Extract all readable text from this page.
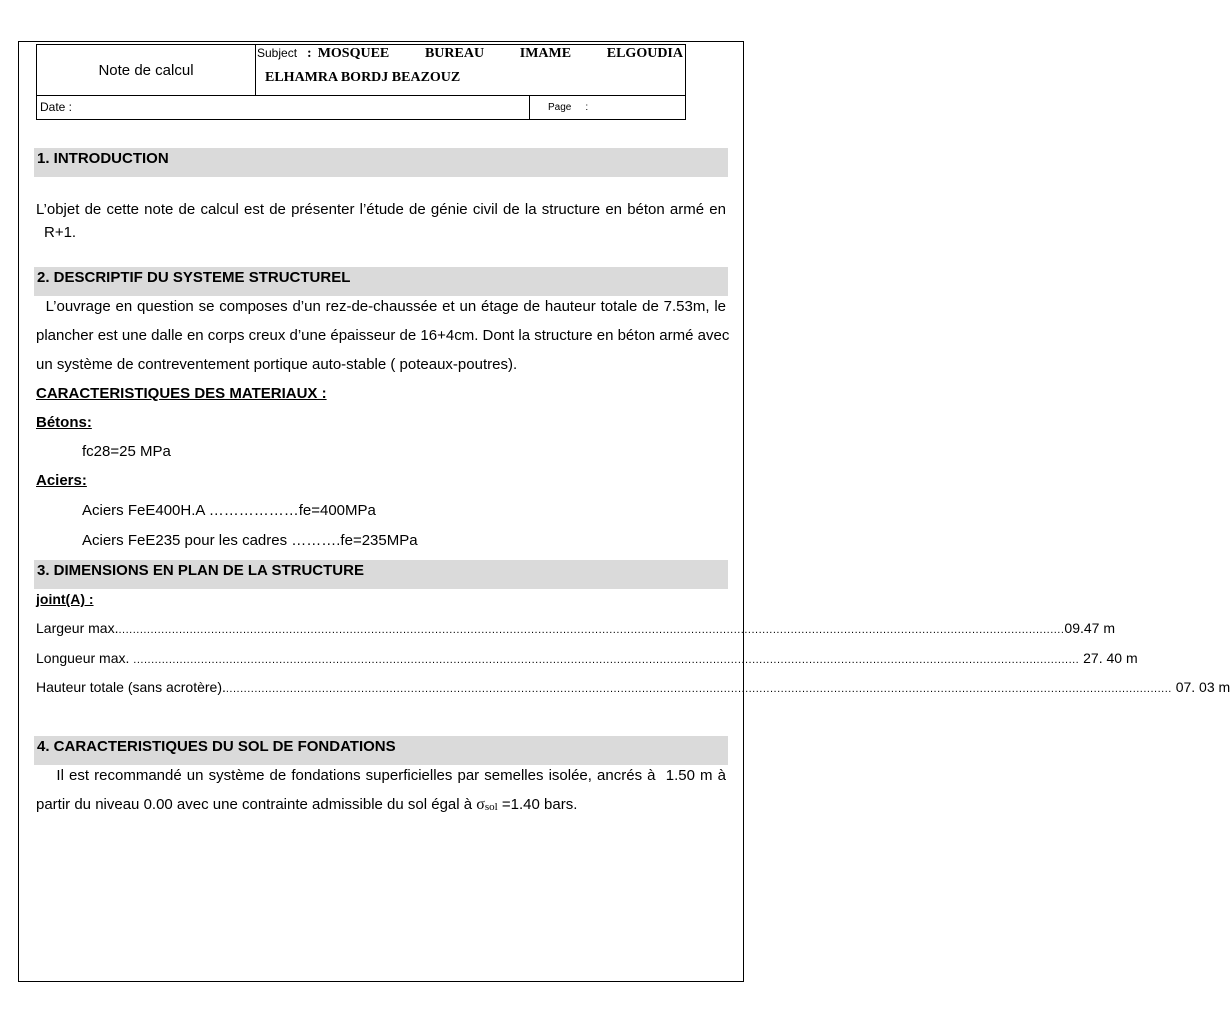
Note de calcul
Subject : MOSQUEE	BUREAU	IMAME	ELGOUDIA
ELHAMRA BORDJ BEAZOUZ
Date :	Page :
1. INTRODUCTION
L’objet de cette note de calcul est de présenter l’étude de génie civil de la structure en béton armé en
R+1.
2. DESCRIPTIF DU SYSTEME STRUCTUREL
L’ouvrage en question se composes d’un rez-de-chaussée et un étage de hauteur totale de 7.53m, le
plancher est une dalle en corps creux d’une épaisseur de 16+4cm. Dont la structure en béton armé avec
un système de contreventement portique auto-stable ( poteaux-poutres).
CARACTERISTIQUES DES MATERIAUX :
Bétons:
fc28=25 MPa
Aciers:
Aciers FeE400H.A ………………fe=400MPa
Aciers FeE235 pour les cadres ……….fe=235MPa
3. DIMENSIONS EN PLAN DE LA STRUCTURE
joint(A) :
Largeur max. .......................................................................................................................................................................................................................................................................... 09.47 m
Longueur max. .......................................................................................................................................................................................................................................................................... 27. 40 m
Hauteur totale (sans acrotère). .......................................................................................................................................................................................................................................................................... 07. 03 m
4. CARACTERISTIQUES DU SOL DE FONDATIONS
Il est recommandé un système de fondations superficielles par semelles isolée, ancrés à  1.50 m à
partir du niveau 0.00 avec une contrainte admissible du sol égal à $\sigma_{sol} =1.40$ bars.
